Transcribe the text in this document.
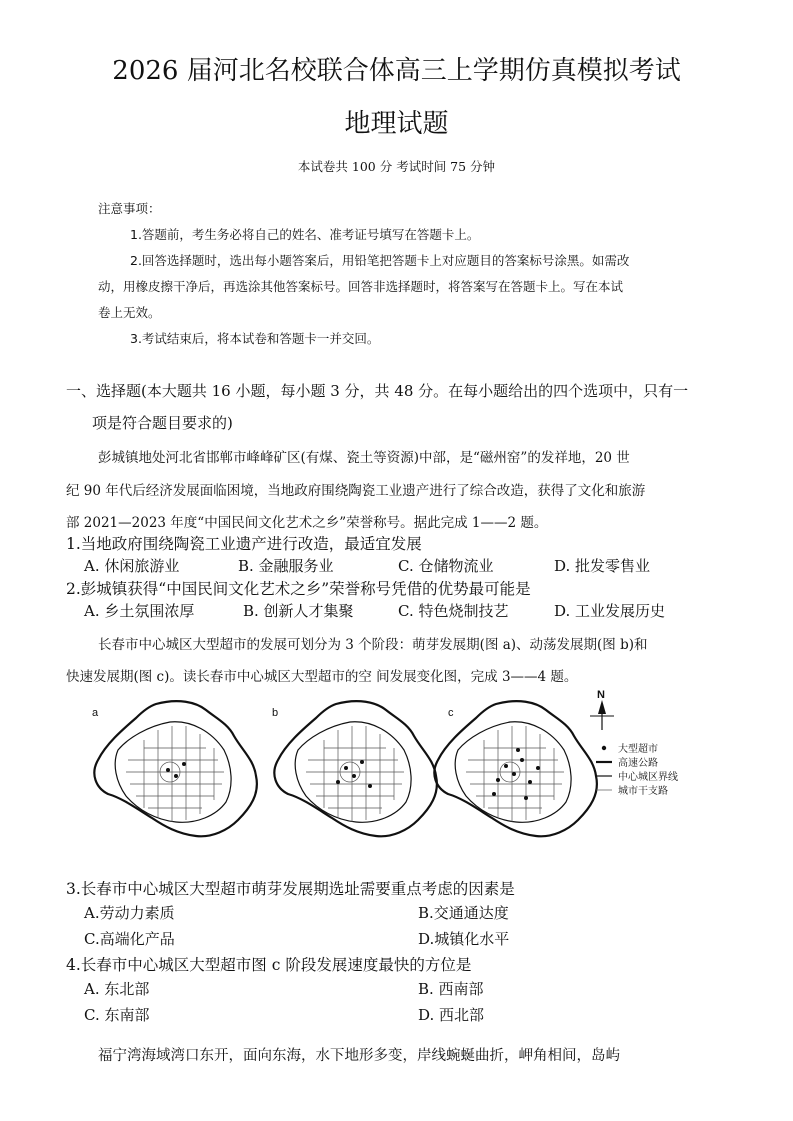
2026 届河北名校联合体高三上学期仿真模拟考试
地理试题
本试卷共 100 分 考试时间 75 分钟
注意事项：
1.答题前，考生务必将自己的姓名、准考证号填写在答题卡上。
2.回答选择题时，选出每小题答案后，用铅笔把答题卡上对应题目的答案标号涂黑。如需改
动，用橡皮擦干净后，再选涂其他答案标号。回答非选择题时，将答案写在答题卡上。写在本试
卷上无效。
3.考试结束后，将本试卷和答题卡一并交回。
一、选择题(本大题共 16 小题，每小题 3 分，共 48 分。在每小题给出的四个选项中，只有一
项是符合题目要求的)
彭城镇地处河北省邯郸市峰峰矿区(有煤、瓷土等资源)中部，是“磁州窑”的发祥地，20 世
纪 90 年代后经济发展面临困境，当地政府围绕陶瓷工业遗产进行了综合改造，获得了文化和旅游
部 2021—2023 年度“中国民间文化艺术之乡”荣誉称号。据此完成 1——2 题。
1.当地政府围绕陶瓷工业遗产进行改造，最适宜发展
A. 休闲旅游业	B. 金融服务业	C. 仓储物流业	D. 批发零售业
2.彭城镇获得“中国民间文化艺术之乡”荣誉称号凭借的优势最可能是
A. 乡土氛围浓厚	B. 创新人才集聚	C. 特色烧制技艺	D. 工业发展历史
长春市中心城区大型超市的发展可划分为 3 个阶段：萌芽发展期(图 a)、动荡发展期(图 b)和
快速发展期(图 c)。读长春市中心城区大型超市的空 间发展变化图，完成 3——4 题。
a	b	c
N
大型超市
高速公路
中心城区界线
城市干支路
3.长春市中心城区大型超市萌芽发展期选址需要重点考虑的因素是
A.劳动力素质	B.交通通达度
C.高端化产品	D.城镇化水平
4.长春市中心城区大型超市图 c 阶段发展速度最快的方位是
A. 东北部	B. 西南部
C. 东南部	D. 西北部
福宁湾海域湾口东开，面向东海，水下地形多变，岸线蜿蜒曲折，岬角相间，岛屿
